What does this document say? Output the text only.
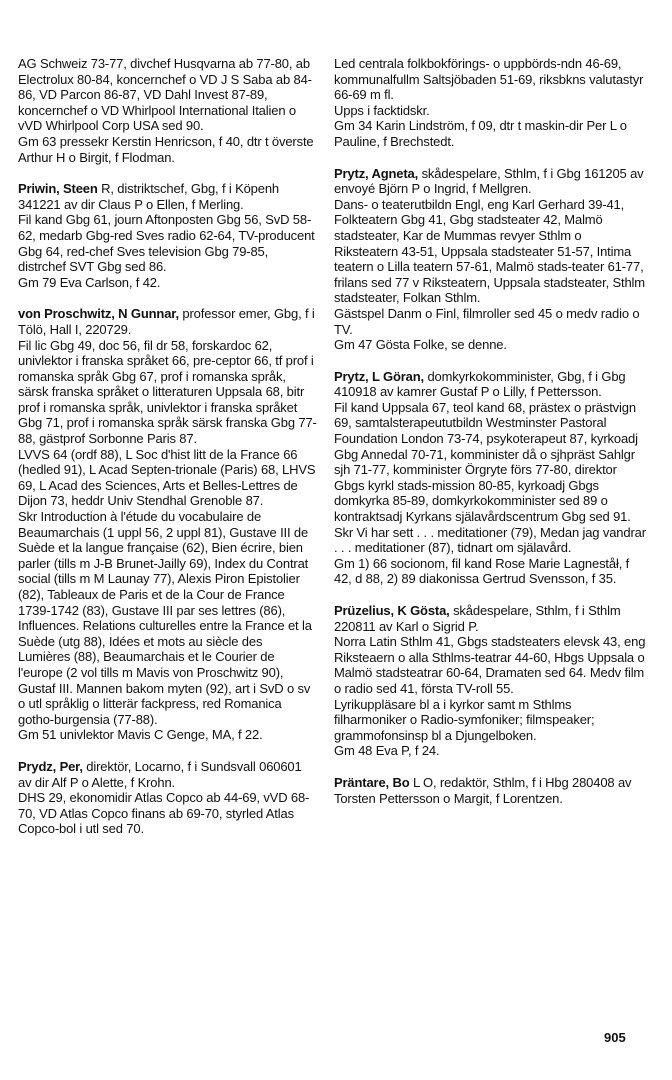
AG Schweiz 73-77, divchef Husqvarna ab 77-80, ab Electrolux 80-84, koncernchef o VD J S Saba ab 84-86, VD Parcon 86-87, VD Dahl Invest 87-89, koncernchef o VD Whirlpool International Italien o vVD Whirlpool Corp USA sed 90.

Gm 63 pressekr Kerstin Henricson, f 40, dtr t överste Arthur H o Birgit, f Flodman.

Priwin, Steen R, distriktschef, Gbg, f i Köpenh 341221 av dir Claus P o Ellen, f Merling.

Fil kand Gbg 61, journ Aftonposten Gbg 56, SvD 58-62, medarb Gbg-red Sves radio 62-64, TV-producent Gbg 64, red-chef Sves television Gbg 79-85, distrchef SVT Gbg sed 86.

Gm 79 Eva Carlson, f 42.

von Proschwitz, N Gunnar, professor emer, Gbg, f i Tölö, Hall I, 220729.

Fil lic Gbg 49, doc 56, fil dr 58, forskardoc 62, univlektor i franska språket 66, pre-ceptor 66, tf prof i romanska språk Gbg 67, prof i romanska språk, särsk franska språket o litteraturen Uppsala 68, bitr prof i romanska språk, univlektor i franska språket Gbg 71, prof i romanska språk särsk franska Gbg 77-88, gästprof Sorbonne Paris 87.

LVVS 64 (ordf 88), L Soc d'hist litt de la France 66 (hedled 91), L Acad Septen-trionale (Paris) 68, LHVS 69, L Acad des Sciences, Arts et Belles-Lettres de Dijon 73, heddr Univ Stendhal Grenoble 87.

Skr Introduction à l'étude du vocabulaire de Beaumarchais (1 uppl 56, 2 uppl 81), Gustave III de Suède et la langue française (62), Bien écrire, bien parler (tills m J-B Brunet-Jailly 69), Index du Contrat social (tills m M Launay 77), Alexis Piron Epistolier (82), Tableaux de Paris et de la Cour de France 1739-1742 (83), Gustave III par ses lettres (86), Influences. Relations culturelles entre la France et la Suède (utg 88), Idées et mots au siècle des Lumières (88), Beaumarchais et le Courier de l'europe (2 vol tills m Mavis von Proschwitz 90), Gustaf III. Mannen bakom myten (92), art i SvD o sv o utl språklig o litterär fackpress, red Romanica gotho-burgensia (77-88).

Gm 51 univlektor Mavis C Genge, MA, f 22.

Prydz, Per, direktör, Locarno, f i Sundsvall 060601 av dir Alf P o Alette, f Krohn.

DHS 29, ekonomidir Atlas Copco ab 44-69, vVD 68-70, VD Atlas Copco finans ab 69-70, styrled Atlas Copco-bol i utl sed 70.

Led centrala folkbokförings- o uppbörds-ndn 46-69, kommunalfullm Saltsjöbaden 51-69, riksbkns valutastyr 66-69 m fl.

Upps i facktidskr.

Gm 34 Karin Lindström, f 09, dtr t maskin-dir Per L o Pauline, f Brechstedt.

Prytz, Agneta, skådespelare, Sthlm, f i Gbg 161205 av envoyé Björn P o Ingrid, f Mellgren.

Dans- o teaterutbildn Engl, eng Karl Gerhard 39-41, Folkteatern Gbg 41, Gbg stadsteater 42, Malmö stadsteater, Kar de Mummas revyer Sthlm o Riksteatern 43-51, Uppsala stadsteater 51-57, Intima teatern o Lilla teatern 57-61, Malmö stads-teater 61-77, frilans sed 77 v Riksteatern, Uppsala stadsteater, Sthlm stadsteater, Folkan Sthlm.

Gästspel Danm o Finl, filmroller sed 45 o medv radio o TV.

Gm 47 Gösta Folke, se denne.

Prytz, L Göran, domkyrkokomminister, Gbg, f i Gbg 410918 av kamrer Gustaf P o Lilly, f Pettersson.

Fil kand Uppsala 67, teol kand 68, prästex o prästvign 69, samtalsterapeututbildn Westminster Pastoral Foundation London 73-74, psykoterapeut 87, kyrkoadj Gbg Annedal 70-71, komminister då o sjhpräst Sahlgr sjh 71-77, komminister Örgryte förs 77-80, direktor Gbgs kyrkl stads-mission 80-85, kyrkoadj Gbgs domkyrka 85-89, domkyrkokomminister sed 89 o kontraktsadj Kyrkans själavårdscentrum Gbg sed 91.

Skr Vi har sett . . . meditationer (79), Medan jag vandrar . . . meditationer (87), tidnart om själavård.

Gm 1) 66 socionom, fil kand Rose Marie Lagneståł, f 42, d 88, 2) 89 diakonissa Gertrud Svensson, f 35.

Prüzelius, K Gösta, skådespelare, Sthlm, f i Sthlm 220811 av Karl o Sigrid P.

Norra Latin Sthlm 41, Gbgs stadsteaters elevsk 43, eng Riksteaern o alla Sthlms-teatrar 44-60, Hbgs Uppsala o Malmö stadsteatrar 60-64, Dramaten sed 64. Medv film o radio sed 41, första TV-roll 55.

Lyrikuppläsare bl a i kyrkor samt m Sthlms filharmoniker o Radio-symfoniker; filmspeaker; grammofonsinsp bl a Djungelboken.

Gm 48 Eva P, f 24.

Präntare, Bo L O, redaktör, Sthlm, f i Hbg 280408 av Torsten Pettersson o Margit, f Lorentzen.

905
